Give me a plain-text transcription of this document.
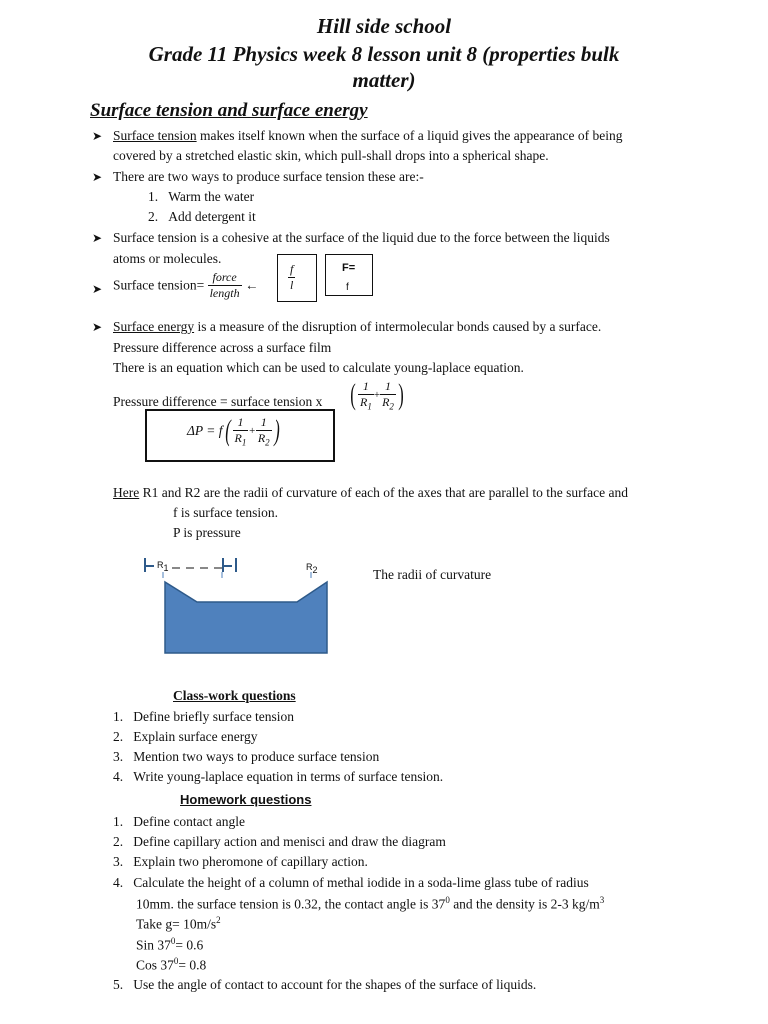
Hill side school
Grade 11 Physics week 8 lesson unit 8 (properties bulk
matter)
Surface tension and surface energy
➤ Surface tension makes itself known when the surface of a liquid gives the appearance of being
covered by a stretched elastic skin, which pull-shall drops into a spherical shape.
➤ There are two ways to produce surface tension these are:-
1.   Warm the water
2.   Add detergent it
➤ Surface tension is a cohesive at the surface of the liquid due to the force between the liquids
atoms or molecules.
➤ Surface tension= $\frac{\text{force}}{\text{length}}$ ← $\frac{f}{l}$	F=
f
➤ Surface energy is a measure of the disruption of intermolecular bonds caused by a surface.
Pressure difference across a surface film
There is an equation which can be used to calculate young-laplace equation.
Pressure difference = surface tension x ( $\frac{1}{R_1} + \frac{1}{R_2}$ )
$\Delta P = f( \frac{1}{R_1} + \frac{1}{R_2}$ )
Here R1 and R2 are the radii of curvature of each of the axes that are parallel to the surface and
f is surface tension.
P is pressure
$R_1$	$R_2$	The radii of curvature
Class-work questions
1.   Define briefly surface tension
2.   Explain surface energy
3.   Mention two ways to produce surface tension
4.   Write young-laplace equation in terms of surface tension.
Homework questions
1.   Define contact angle
2.   Define capillary action and menisci and draw the diagram
3.   Explain two pheromone of capillary action.
4.   Calculate the height of a column of methal iodide in a soda-lime glass tube of radius
10mm. the surface tension is 0.32, the contact angle is $37^0$ and the density is 2-3 $kg/m^3$
Take $g= 10m/s^2$
Sin $37^0= 0.6$
Cos $37^0= 0.8$
5.   Use the angle of contact to account for the shapes of the surface of liquids.
